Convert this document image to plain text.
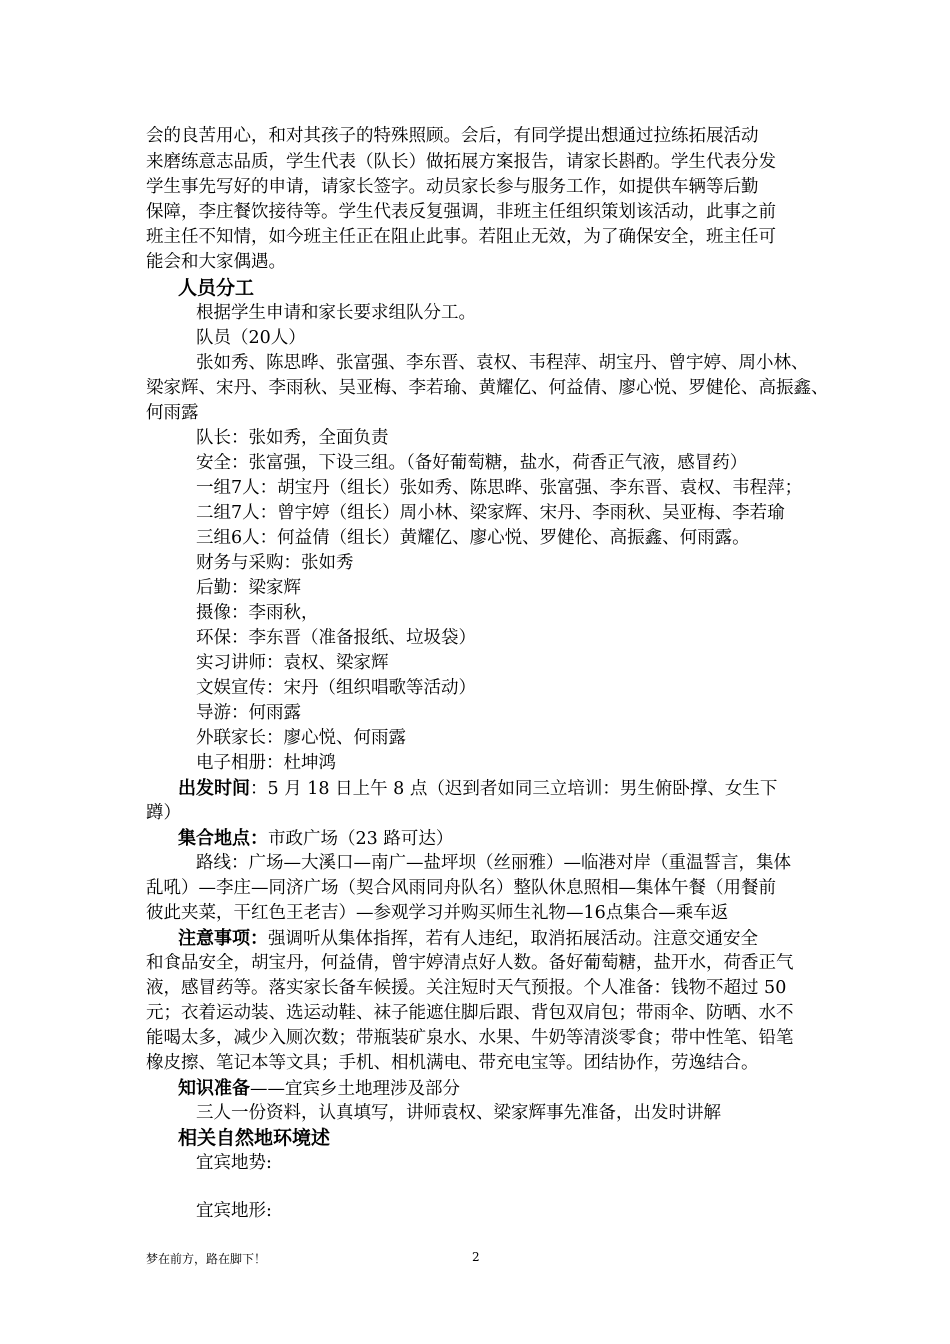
会的良苦用心，和对其孩子的特殊照顾。会后，有同学提出想通过拉练拓展活动
来磨练意志品质，学生代表（队长）做拓展方案报告，请家长斟酌。学生代表分发
学生事先写好的申请，请家长签字。动员家长参与服务工作，如提供车辆等后勤
保障，李庄餐饮接待等。学生代表反复强调，非班主任组织策划该活动，此事之前
班主任不知情，如今班主任正在阻止此事。若阻止无效，为了确保安全，班主任可
能会和大家偶遇。
人员分工
根据学生申请和家长要求组队分工。
队员（20人）
张如秀、陈思晔、张富强、李东晋、袁权、韦程萍、胡宝丹、曾宇婷、周小林、
梁家辉、宋丹、李雨秋、吴亚梅、李若瑜、黄耀亿、何益倩、廖心悦、罗健伦、高振鑫、
何雨露
队长：张如秀，全面负责
安全：张富强，下设三组。（备好葡萄糖，盐水，荷香正气液，感冒药）
一组7人：胡宝丹（组长）张如秀、陈思晔、张富强、李东晋、袁权、韦程萍；
二组7人：曾宇婷（组长）周小林、梁家辉、宋丹、李雨秋、吴亚梅、李若瑜
三组6人：何益倩（组长）黄耀亿、廖心悦、罗健伦、高振鑫、何雨露。
财务与采购：张如秀
后勤：梁家辉
摄像：李雨秋，
环保：李东晋（准备报纸、垃圾袋）
实习讲师：袁权、梁家辉
文娱宣传：宋丹（组织唱歌等活动）
导游：何雨露
外联家长：廖心悦、何雨露
电子相册：杜坤鸿
出发时间：5 月 18 日上午 8 点（迟到者如同三立培训：男生俯卧撑、女生下
蹲）
集合地点：市政广场（23 路可达）
路线：广场—大溪口—南广—盐坪坝（丝丽雅）—临港对岸（重温誓言，集体
乱吼）—李庄—同济广场（契合风雨同舟队名）整队休息照相—集体午餐（用餐前
彼此夹菜，干红色王老吉）—参观学习并购买师生礼物—16点集合—乘车返
注意事项：强调听从集体指挥，若有人违纪，取消拓展活动。注意交通安全
和食品安全，胡宝丹，何益倩，曾宇婷清点好人数。备好葡萄糖，盐开水，荷香正气
液，感冒药等。落实家长备车候援。关注短时天气预报。个人准备：钱物不超过 50
元；衣着运动装、选运动鞋、袜子能遮住脚后跟、背包双肩包；带雨伞、防晒、水不
能喝太多，减少入厕次数；带瓶装矿泉水、水果、牛奶等清淡零食；带中性笔、铅笔
橡皮擦、笔记本等文具；手机、相机满电、带充电宝等。团结协作，劳逸结合。
知识准备——宜宾乡土地理涉及部分
三人一份资料，认真填写，讲师袁权、梁家辉事先准备，出发时讲解
相关自然地环境述
宜宾地势:
宜宾地形:
梦在前方，路在脚下！	2
